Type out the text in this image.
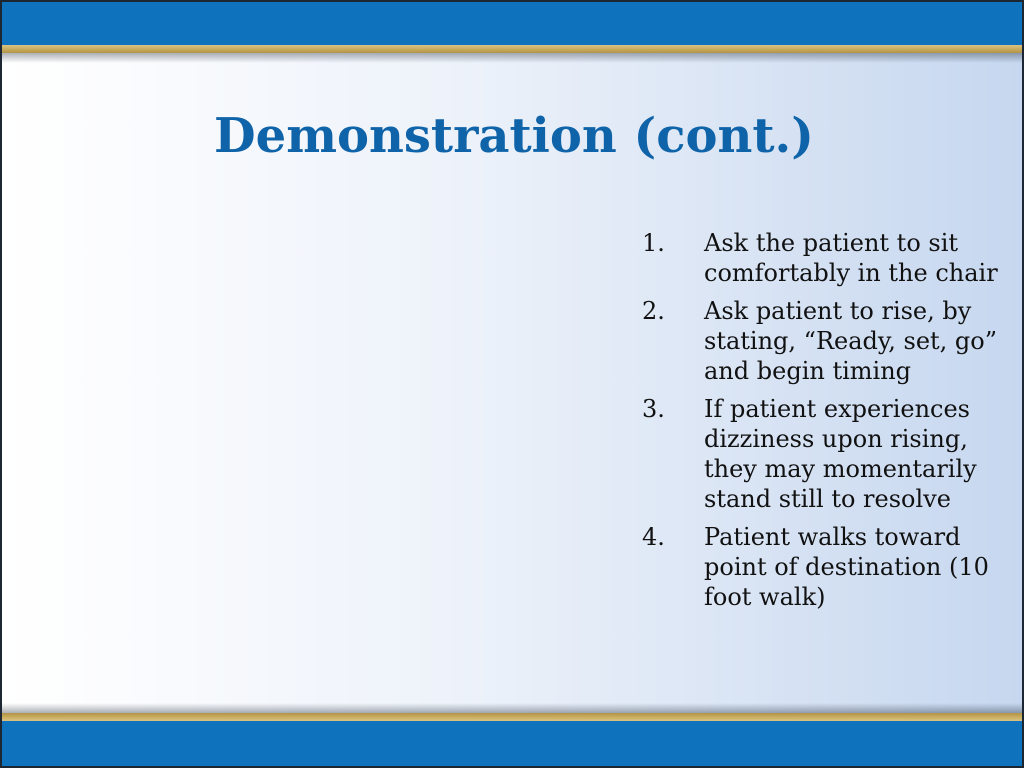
Demonstration (cont.)
1.	Ask the patient to sit comfortably in the chair
2.	Ask patient to rise, by stating, “Ready, set, go” and begin timing
3.	If patient experiences dizziness upon rising, they may momentarily stand still to resolve
4.	Patient walks toward point of destination (10 foot walk)
